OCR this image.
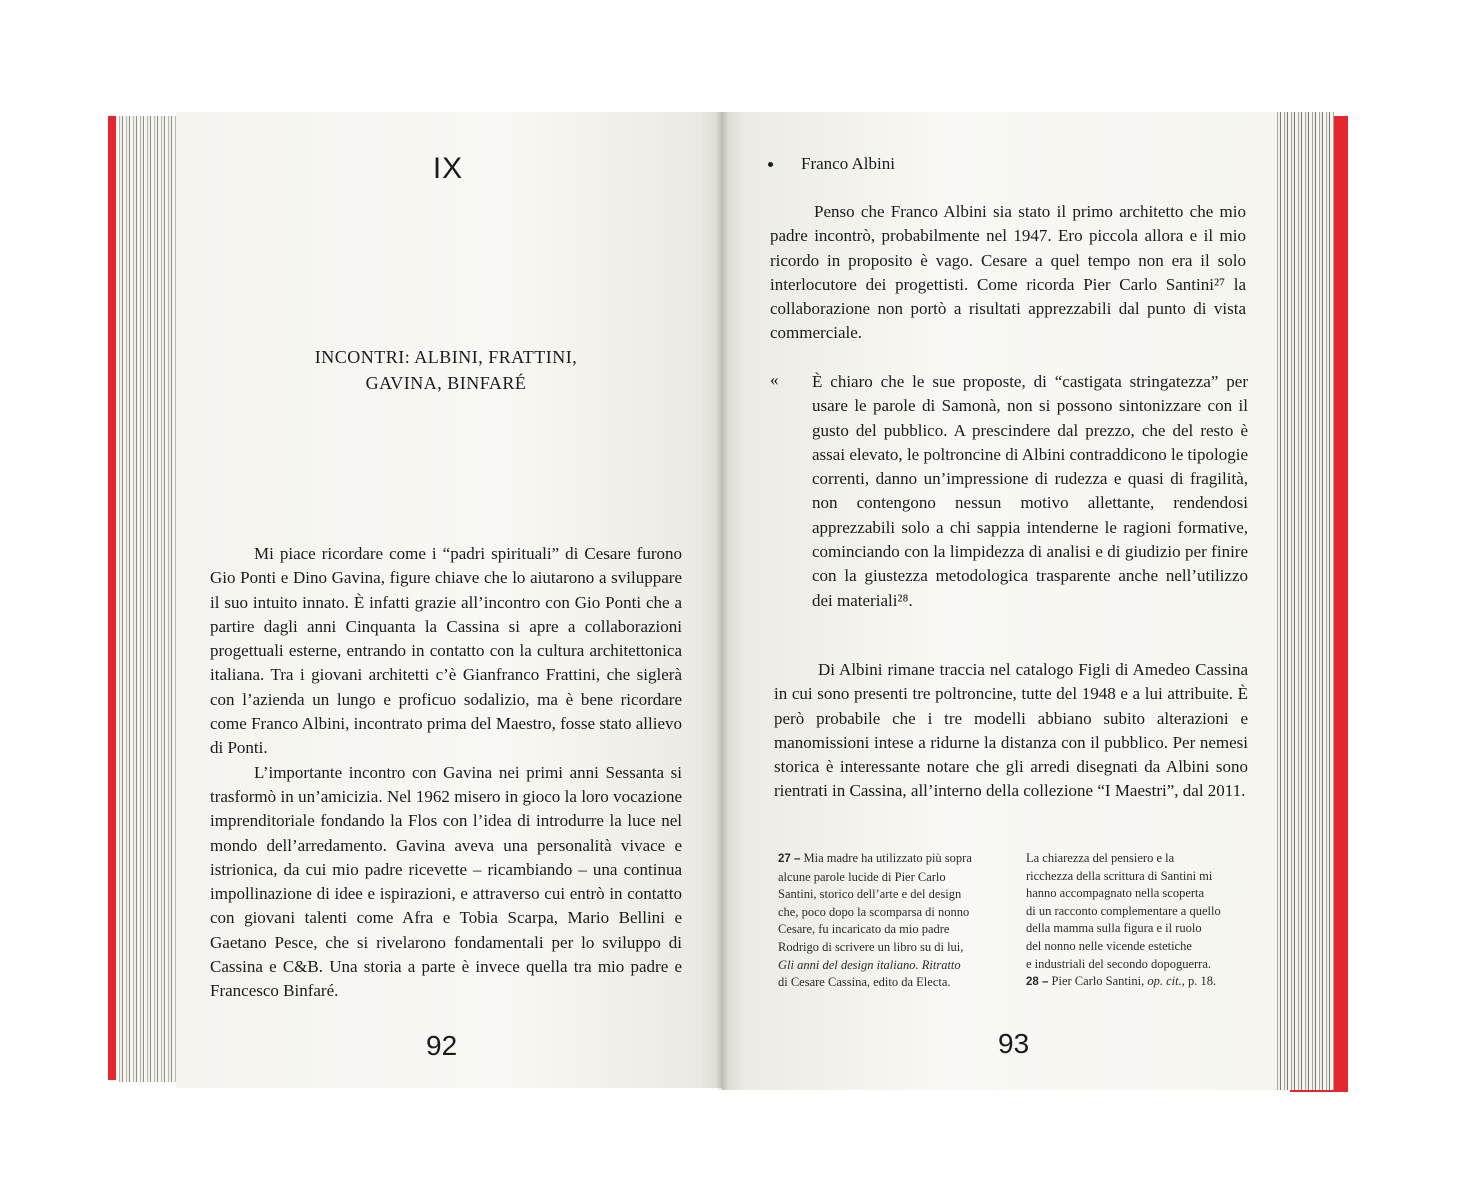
IX
INCONTRI: ALBINI, FRATTINI,
GAVINA, BINFARÉ

Mi piace ricordare come i “padri spirituali” di Cesare furono Gio Ponti e Dino Gavina, figure chiave che lo aiutarono a sviluppare il suo intuito innato. È infatti grazie all’incontro con Gio Ponti che a partire dagli anni Cinquanta la Cassina si apre a collaborazioni progettuali esterne, entrando in contatto con la cultura architettonica italiana. Tra i giovani architetti c’è Gianfranco Frattini, che siglerà con l’azienda un lungo e proficuo sodalizio, ma è bene ricordare come Franco Albini, incontrato prima del Maestro, fosse stato allievo di Ponti.

L’importante incontro con Gavina nei primi anni Sessanta si trasformò in un’amicizia. Nel 1962 misero in gioco la loro vocazione imprenditoriale fondando la Flos con l’idea di introdurre la luce nel mondo dell’arredamento. Gavina aveva una personalità vivace e istrionica, da cui mio padre ricevette – ricambiando – una continua impollinazione di idee e ispirazioni, e attraverso cui entrò in contatto con giovani talenti come Afra e Tobia Scarpa, Mario Bellini e Gaetano Pesce, che si rivelarono fondamentali per lo sviluppo di Cassina e C&B. Una storia a parte è invece quella tra mio padre e Francesco Binfaré.

92
Franco Albini

Penso che Franco Albini sia stato il primo architetto che mio padre incontrò, probabilmente nel 1947. Ero piccola allora e il mio ricordo in proposito è vago. Cesare a quel tempo non era il solo interlocutore dei progettisti. Come ricorda Pier Carlo Santini²⁷ la collaborazione non portò a risultati apprezzabili dal punto di vista commerciale.

« È chiaro che le sue proposte, di “castigata stringatezza” per usare le parole di Samonà, non si possono sintonizzare con il gusto del pubblico. A prescindere dal prezzo, che del resto è assai elevato, le poltroncine di Albini contraddicono le tipologie correnti, danno un’impressione di rudezza e quasi di fragilità, non contengono nessun motivo allettante, rendendosi apprezzabili solo a chi sappia intenderne le ragioni formative, cominciando con la limpidezza di analisi e di giudizio per finire con la giustezza metodologica trasparente anche nell’utilizzo dei materiali²⁸.

Di Albini rimane traccia nel catalogo Figli di Amedeo Cassina in cui sono presenti tre poltroncine, tutte del 1948 e a lui attribuite. È però probabile che i tre modelli abbiano subito alterazioni e manomissioni intese a ridurne la distanza con il pubblico. Per nemesi storica è interessante notare che gli arredi disegnati da Albini sono rientrati in Cassina, all’interno della collezione “I Maestri”, dal 2011.

27 – Mia madre ha utilizzato più sopra
alcune parole lucide di Pier Carlo
Santini, storico dell’arte e del design
che, poco dopo la scomparsa di nonno
Cesare, fu incaricato da mio padre
Rodrigo di scrivere un libro su di lui,
Gli anni del design italiano. Ritratto
di Cesare Cassina, edito da Electa.
La chiarezza del pensiero e la
ricchezza della scrittura di Santini mi
hanno accompagnato nella scoperta
di un racconto complementare a quello
della mamma sulla figura e il ruolo
del nonno nelle vicende estetiche
e industriali del secondo dopoguerra.
28 – Pier Carlo Santini, op. cit., p. 18.
93
